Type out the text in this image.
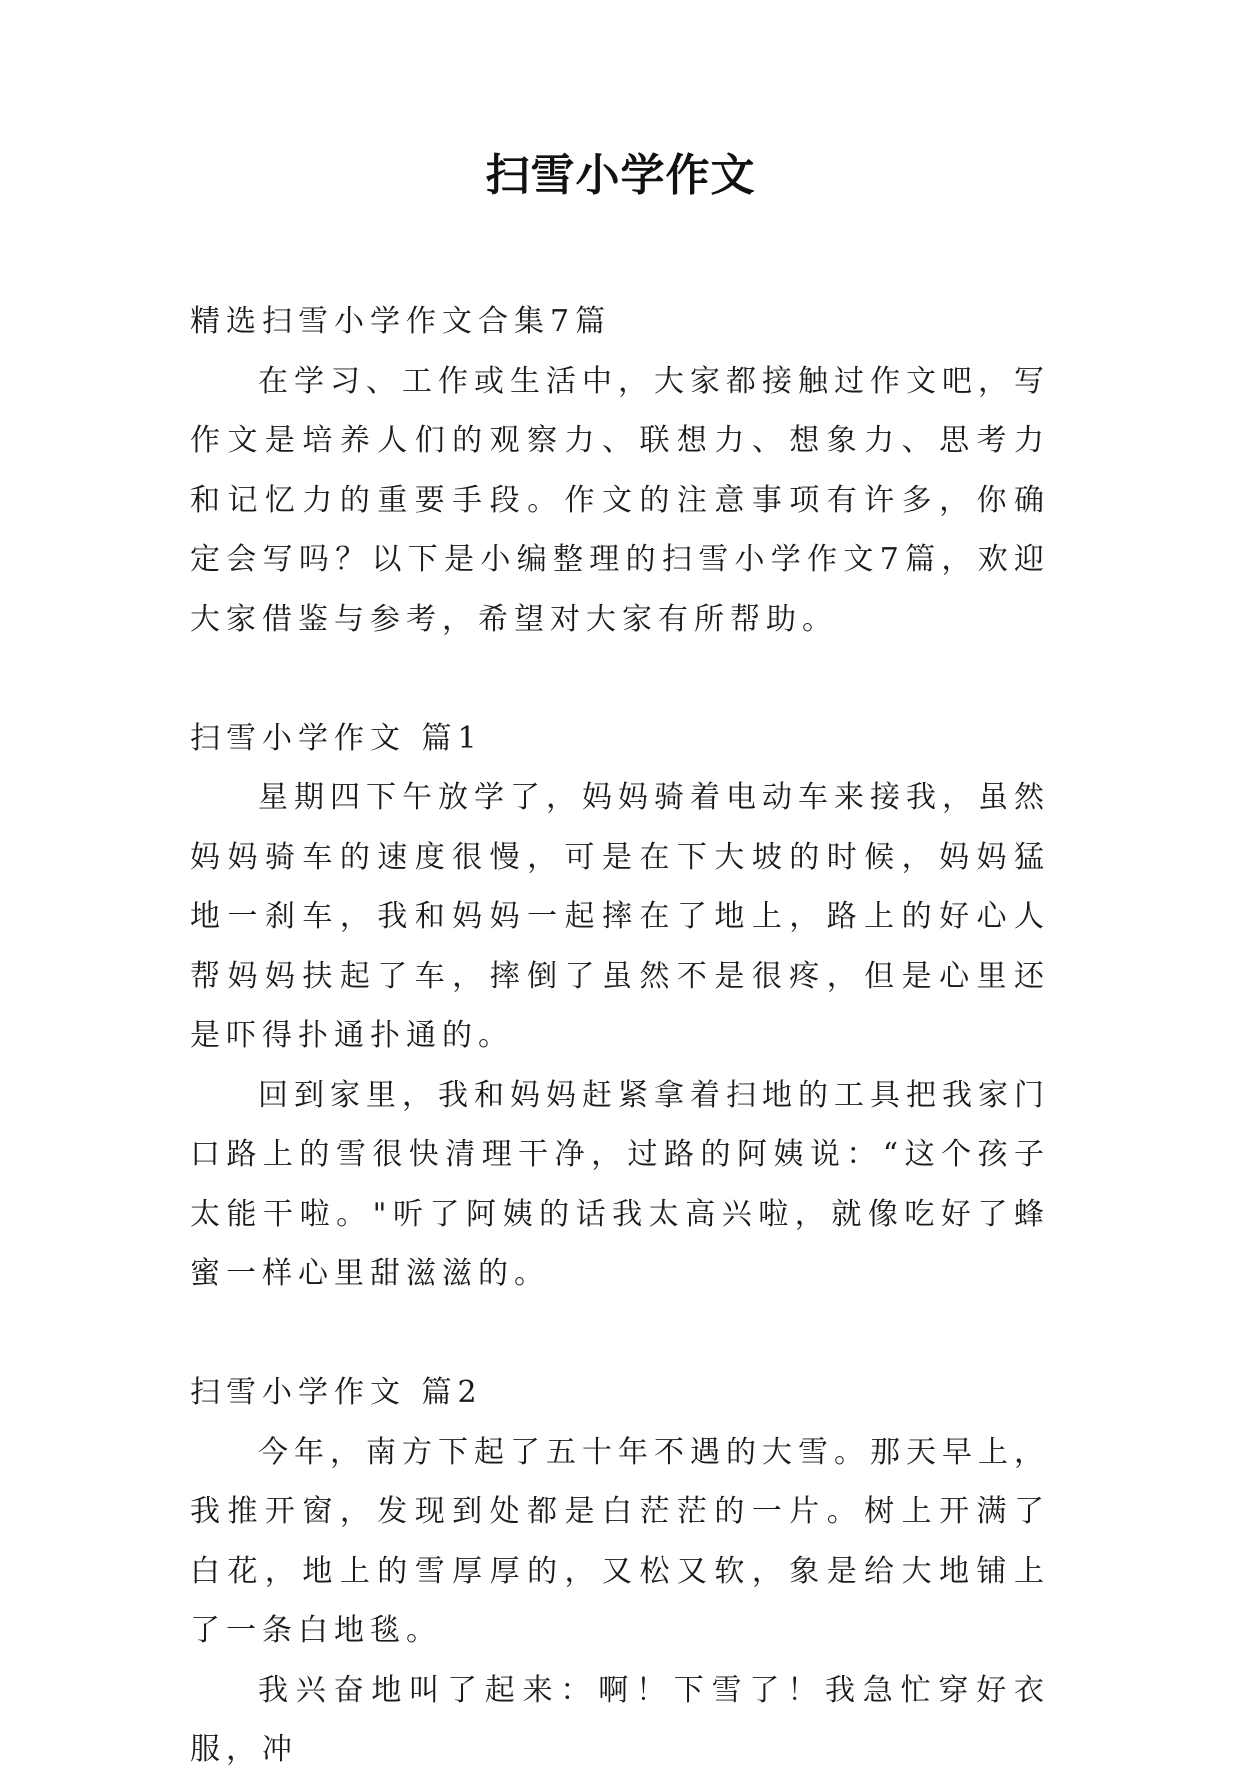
扫雪小学作文

精选扫雪小学作文合集7篇

在学习、工作或生活中，大家都接触过作文吧，写作文是培养人们的观察力、联想力、想象力、思考力和记忆力的重要手段。作文的注意事项有许多，你确定会写吗？以下是小编整理的扫雪小学作文7篇，欢迎大家借鉴与参考，希望对大家有所帮助。

扫雪小学作文 篇1

星期四下午放学了，妈妈骑着电动车来接我，虽然妈妈骑车的速度很慢，可是在下大坡的时候，妈妈猛地一刹车，我和妈妈一起摔在了地上，路上的好心人帮妈妈扶起了车，摔倒了虽然不是很疼，但是心里还是吓得扑通扑通的。

回到家里，我和妈妈赶紧拿着扫地的工具把我家门口路上的雪很快清理干净，过路的阿姨说：“这个孩子太能干啦。"听了阿姨的话我太高兴啦，就像吃好了蜂蜜一样心里甜滋滋的。

扫雪小学作文 篇2

今年，南方下起了五十年不遇的大雪。那天早上，我推开窗，发现到处都是白茫茫的一片。树上开满了白花，地上的雪厚厚的，又松又软，象是给大地铺上了一条白地毯。

我兴奋地叫了起来：啊！下雪了！我急忙穿好衣服，冲
